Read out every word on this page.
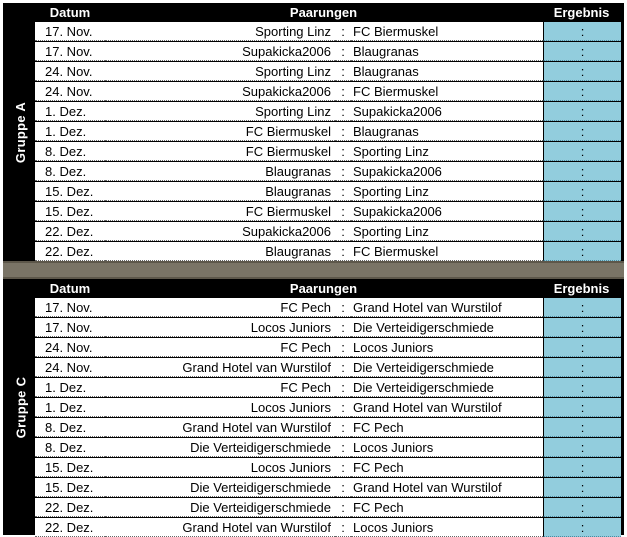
Gruppe A
Datum	Paarungen	Ergebnis
17. Nov.	Sporting Linz : FC Biermuskel	:
17. Nov.	Supakicka2006 : Blaugranas	:
24. Nov.	Sporting Linz : Blaugranas	:
24. Nov.	Supakicka2006 : FC Biermuskel	:
1. Dez.	Sporting Linz : Supakicka2006	:
1. Dez.	FC Biermuskel : Blaugranas	:
8. Dez.	FC Biermuskel : Sporting Linz	:
8. Dez.	Blaugranas : Supakicka2006	:
15. Dez.	Blaugranas : Sporting Linz	:
15. Dez.	FC Biermuskel : Supakicka2006	:
22. Dez.	Supakicka2006 : Sporting Linz	:
22. Dez.	Blaugranas : FC Biermuskel	:
Gruppe C
Datum	Paarungen	Ergebnis
17. Nov.	FC Pech : Grand Hotel van Wurstilof	:
17. Nov.	Locos Juniors : Die Verteidigerschmiede	:
24. Nov.	FC Pech : Locos Juniors	:
24. Nov.	Grand Hotel van Wurstilof : Die Verteidigerschmiede	:
1. Dez.	FC Pech : Die Verteidigerschmiede	:
1. Dez.	Locos Juniors : Grand Hotel van Wurstilof	:
8. Dez.	Grand Hotel van Wurstilof : FC Pech	:
8. Dez.	Die Verteidigerschmiede : Locos Juniors	:
15. Dez.	Locos Juniors : FC Pech	:
15. Dez.	Die Verteidigerschmiede : Grand Hotel van Wurstilof	:
22. Dez.	Die Verteidigerschmiede : FC Pech	:
22. Dez.	Grand Hotel van Wurstilof : Locos Juniors	:
